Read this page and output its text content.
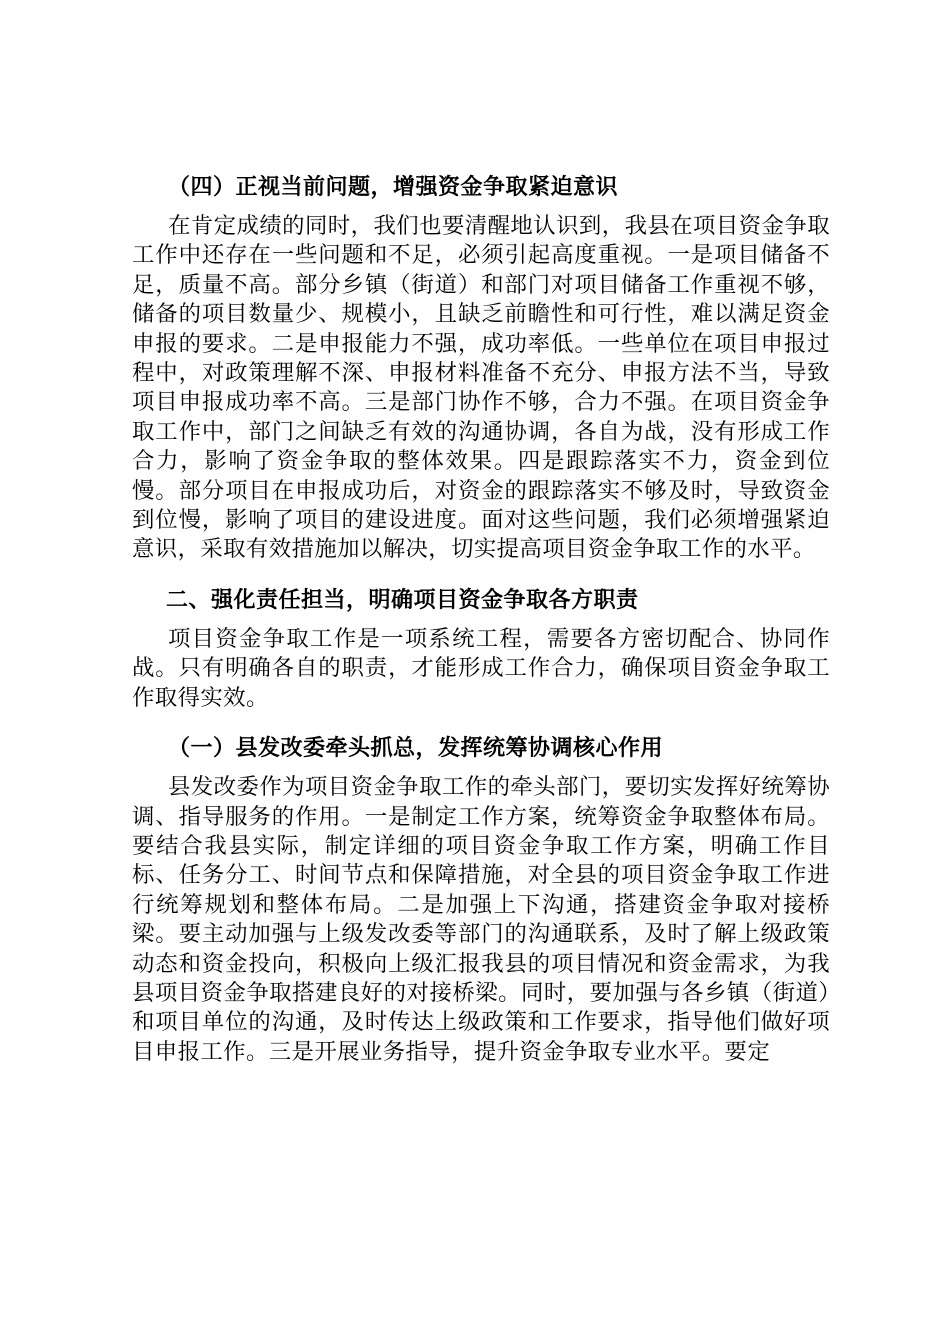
（四）正视当前问题，增强资金争取紧迫意识

在肯定成绩的同时，我们也要清醒地认识到，我县在项目资金争取工作中还存在一些问题和不足，必须引起高度重视。一是项目储备不足，质量不高。部分乡镇（街道）和部门对项目储备工作重视不够，储备的项目数量少、规模小，且缺乏前瞻性和可行性，难以满足资金申报的要求。二是申报能力不强，成功率低。一些单位在项目申报过程中，对政策理解不深、申报材料准备不充分、申报方法不当，导致项目申报成功率不高。三是部门协作不够，合力不强。在项目资金争取工作中，部门之间缺乏有效的沟通协调，各自为战，没有形成工作合力，影响了资金争取的整体效果。四是跟踪落实不力，资金到位慢。部分项目在申报成功后，对资金的跟踪落实不够及时，导致资金到位慢，影响了项目的建设进度。面对这些问题，我们必须增强紧迫意识，采取有效措施加以解决，切实提高项目资金争取工作的水平。

二、强化责任担当，明确项目资金争取各方职责

项目资金争取工作是一项系统工程，需要各方密切配合、协同作战。只有明确各自的职责，才能形成工作合力，确保项目资金争取工作取得实效。

（一）县发改委牵头抓总，发挥统筹协调核心作用

县发改委作为项目资金争取工作的牵头部门，要切实发挥好统筹协调、指导服务的作用。一是制定工作方案，统筹资金争取整体布局。要结合我县实际，制定详细的项目资金争取工作方案，明确工作目标、任务分工、时间节点和保障措施，对全县的项目资金争取工作进行统筹规划和整体布局。二是加强上下沟通，搭建资金争取对接桥梁。要主动加强与上级发改委等部门的沟通联系，及时了解上级政策动态和资金投向，积极向上级汇报我县的项目情况和资金需求，为我县项目资金争取搭建良好的对接桥梁。同时，要加强与各乡镇（街道）和项目单位的沟通，及时传达上级政策和工作要求，指导他们做好项目申报工作。三是开展业务指导，提升资金争取专业水平。要定
